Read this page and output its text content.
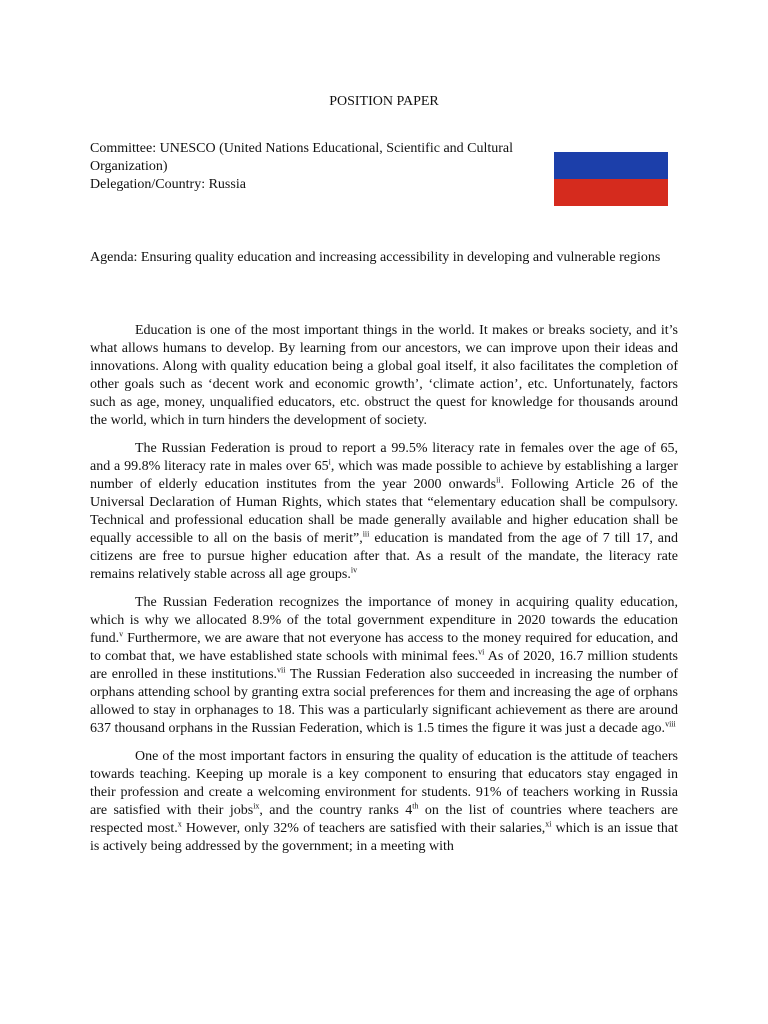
POSITION PAPER
Committee: UNESCO (United Nations Educational, Scientific and Cultural Organization)
Delegation/Country: Russia
Agenda: Ensuring quality education and increasing accessibility in developing and vulnerable regions

Education is one of the most important things in the world. It makes or breaks society, and it’s what allows humans to develop. By learning from our ancestors, we can improve upon their ideas and innovations. Along with quality education being a global goal itself, it also facilitates the completion of other goals such as ‘decent work and economic growth’, ‘climate action’, etc. Unfortunately, factors such as age, money, unqualified educators, etc. obstruct the quest for knowledge for thousands around the world, which in turn hinders the development of society.

The Russian Federation is proud to report a 99.5% literacy rate in females over the age of 65, and a 99.8% literacy rate in males over 65$^i$, which was made possible to achieve by establishing a larger number of elderly education institutes from the year 2000 onwards$^{ii}$. Following Article 26 of the Universal Declaration of Human Rights, which states that “elementary education shall be compulsory. Technical and professional education shall be made generally available and higher education shall be equally accessible to all on the basis of merit”,$^{iii}$ education is mandated from the age of 7 till 17, and citizens are free to pursue higher education after that. As a result of the mandate, the literacy rate remains relatively stable across all age groups.$^{iv}$

The Russian Federation recognizes the importance of money in acquiring quality education, which is why we allocated 8.9% of the total government expenditure in 2020 towards the education fund.$^v$ Furthermore, we are aware that not everyone has access to the money required for education, and to combat that, we have established state schools with minimal fees.$^{vi}$ As of 2020, 16.7 million students are enrolled in these institutions.$^{vii}$ The Russian Federation also succeeded in increasing the number of orphans attending school by granting extra social preferences for them and increasing the age of orphans allowed to stay in orphanages to 18. This was a particularly significant achievement as there are around 637 thousand orphans in the Russian Federation, which is 1.5 times the figure it was just a decade ago.$^{viii}$

One of the most important factors in ensuring the quality of education is the attitude of teachers towards teaching. Keeping up morale is a key component to ensuring that educators stay engaged in their profession and create a welcoming environment for students. 91% of teachers working in Russia are satisfied with their jobs$^{ix}$, and the country ranks 4th on the list of countries where teachers are respected most.$^x$ However, only 32% of teachers are satisfied with their salaries,$^{xi}$ which is an issue that is actively being addressed by the government; in a meeting with
